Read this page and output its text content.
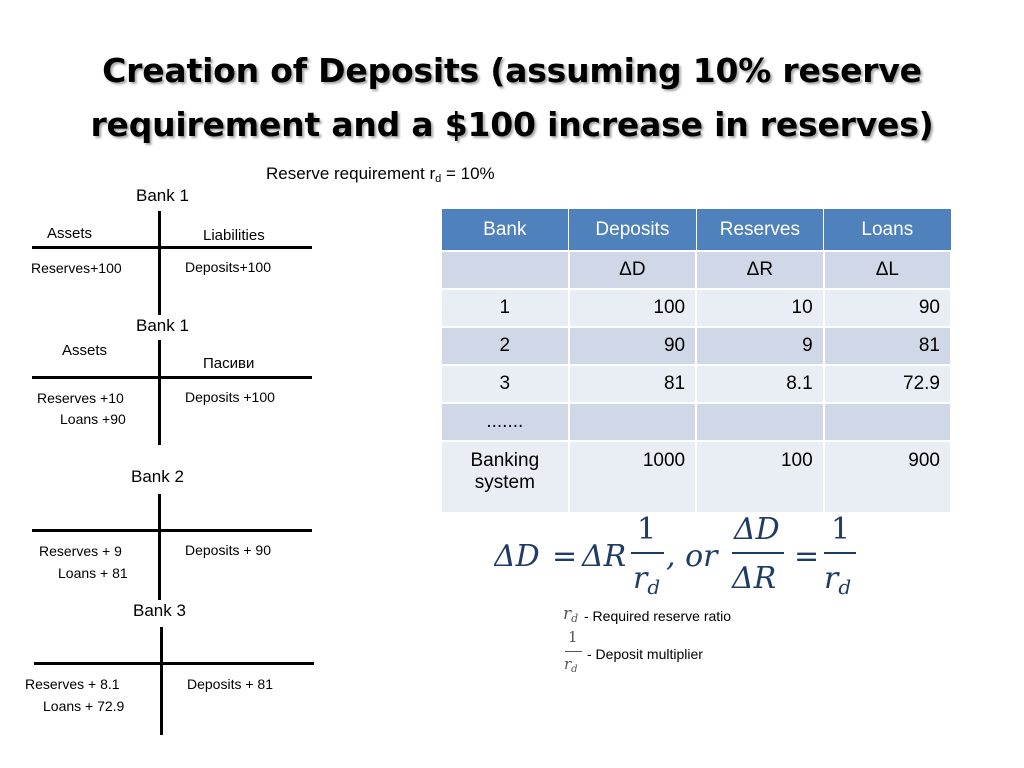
Creation of Deposits (assuming 10% reserve
requirement and a $100 increase in reserves)
Reserve requirement $r_d = 10\%$
Bank 1
Assets	Liabilities
Reserves+100	Deposits+100
Bank 1
Assets
Пасиви
Reserves +10
Loans +90
Deposits +100
Bank 2
Reserves + 9
Loans + 81
Deposits + 90
Bank 3
Reserves + 8.1
Loans + 72.9
Deposits + 81
Bank	Deposits	Reserves	Loans
	ΔD	ΔR	ΔL
1	100	10	90
2	90	9	81
3	81	8.1	72.9
.......			
Banking system	1000	100	900
ΔD = ΔR
1
$r_d$
, or
ΔD
ΔR
=
1
$r_d$
rd - Required reserve ratio
1
$r_d$
- Deposit multiplier
